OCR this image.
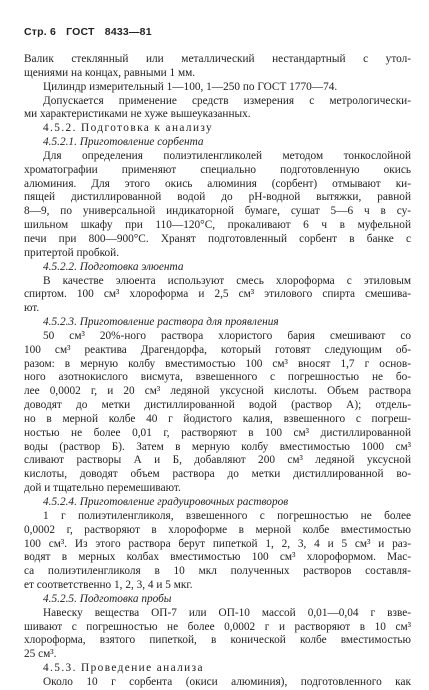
Стр. 6 ГОСТ 8433—81
Валик стеклянный или металлический нестандартный с утол-
щениями на концах, равными 1 мм.
Цилиндр измерительный 1—100, 1—250 по ГОСТ 1770—74.
Допускается применение средств измерения с метрологически-
ми характеристиками не хуже вышеуказанных.
4.5.2. Подготовка к анализу
4.5.2.1. Приготовление сорбента
Для определения полиэтиленгликолей методом тонкослойной
хроматографии применяют специально подготовленную окись
алюминия. Для этого окись алюминия (сорбент) отмывают ки-
пящей дистиллированной водой до pH-водной вытяжки, равной
8—9, по универсальной индикаторной бумаге, сушат 5—6 ч в су-
шильном шкафу при 110—120°С, прокаливают 6 ч в муфельной
печи при 800—900°С. Хранят подготовленный сорбент в банке с
притертой пробкой.
4.5.2.2. Подготовка элюента
В качестве элюента используют смесь хлороформа с этиловым
спиртом. 100 см³ хлороформа и 2,5 см³ этилового спирта смешива-
ют.
4.5.2.3. Приготовление раствора для проявления
50 см³ 20%-ного раствора хлористого бария смешивают со
100 см³ реактива Драгендорфа, который готовят следующим об-
разом: в мерную колбу вместимостью 100 см³ вносят 1,7 г основ-
ного азотнокислого висмута, взвешенного с погрешностью не бо-
лее 0,0002 г, и 20 см³ ледяной уксусной кислоты. Объем раствора
доводят до метки дистиллированной водой (раствор А); отдель-
но в мерной колбе 40 г йодистого калия, взвешенного с погреш-
ностью не более 0,01 г, растворяют в 100 см³ дистиллированной
воды (раствор Б). Затем в мерную колбу вместимостью 1000 см³
сливают растворы А и Б, добавляют 200 см³ ледяной уксусной
кислоты, доводят объем раствора до метки дистиллированной во-
дой и тщательно перемешивают.
4.5.2.4. Приготовление градуировочных растворов
1 г полиэтиленгликоля, взвешенного с погрешностью не более
0,0002 г, растворяют в хлороформе в мерной колбе вместимостью
100 см³. Из этого раствора берут пипеткой 1, 2, 3, 4 и 5 см³ и раз-
водят в мерных колбах вместимостью 100 см³ хлороформом. Мас-
са полиэтиленгликоля в 10 мкл полученных растворов составля-
ет соответственно 1, 2, 3, 4 и 5 мкг.
4.5.2.5. Подготовка пробы
Навеску вещества ОП-7 или ОП-10 массой 0,01—0,04 г взве-
шивают с погрешностью не более 0,0002 г и растворяют в 10 см³
хлороформа, взятого пипеткой, в конической колбе вместимостью
25 см³.
4.5.3. Проведение анализа
Около 10 г сорбента (окиси алюминия), подготовленного как
